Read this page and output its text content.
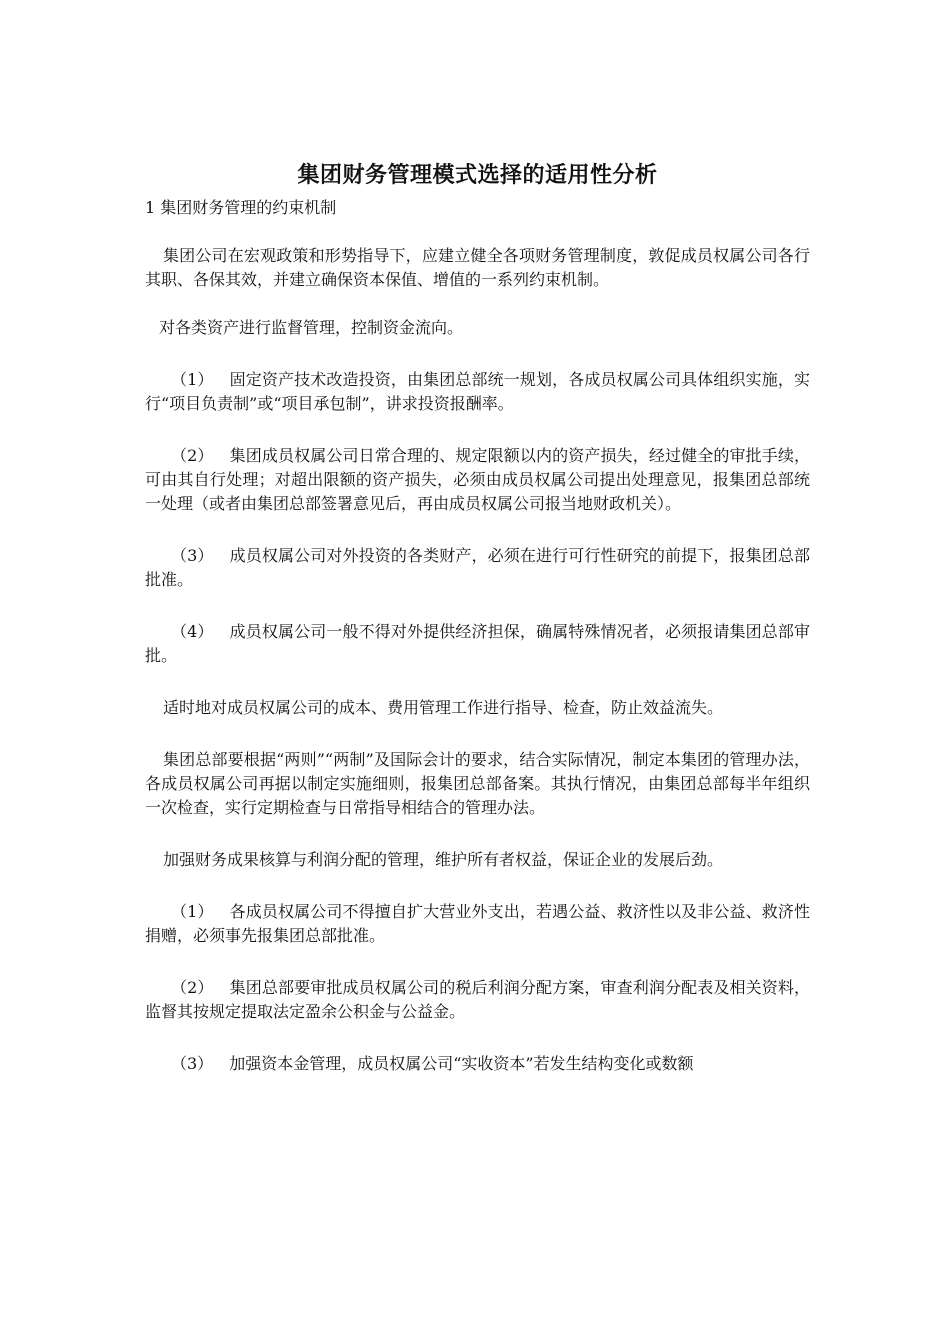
集团财务管理模式选择的适用性分析

1 集团财务管理的约束机制

集团公司在宏观政策和形势指导下，应建立健全各项财务管理制度，敦促成员权属公司各行其职、各保其效，并建立确保资本保值、增值的一系列约束机制。

对各类资产进行监督管理，控制资金流向。

（1） 固定资产技术改造投资，由集团总部统一规划，各成员权属公司具体组织实施，实行“项目负责制”或“项目承包制”，讲求投资报酬率。

（2） 集团成员权属公司日常合理的、规定限额以内的资产损失，经过健全的审批手续，可由其自行处理；对超出限额的资产损失，必须由成员权属公司提出处理意见，报集团总部统一处理（或者由集团总部签署意见后，再由成员权属公司报当地财政机关）。

（3） 成员权属公司对外投资的各类财产，必须在进行可行性研究的前提下，报集团总部批准。

（4） 成员权属公司一般不得对外提供经济担保，确属特殊情况者，必须报请集团总部审批。

适时地对成员权属公司的成本、费用管理工作进行指导、检查，防止效益流失。

集团总部要根据“两则”“两制”及国际会计的要求，结合实际情况，制定本集团的管理办法，各成员权属公司再据以制定实施细则，报集团总部备案。其执行情况，由集团总部每半年组织一次检查，实行定期检查与日常指导相结合的管理办法。

加强财务成果核算与利润分配的管理，维护所有者权益，保证企业的发展后劲。

（1） 各成员权属公司不得擅自扩大营业外支出，若遇公益、救济性以及非公益、救济性捐赠，必须事先报集团总部批准。

（2） 集团总部要审批成员权属公司的税后利润分配方案，审查利润分配表及相关资料，监督其按规定提取法定盈余公积金与公益金。

（3） 加强资本金管理，成员权属公司“实收资本”若发生结构变化或数额
